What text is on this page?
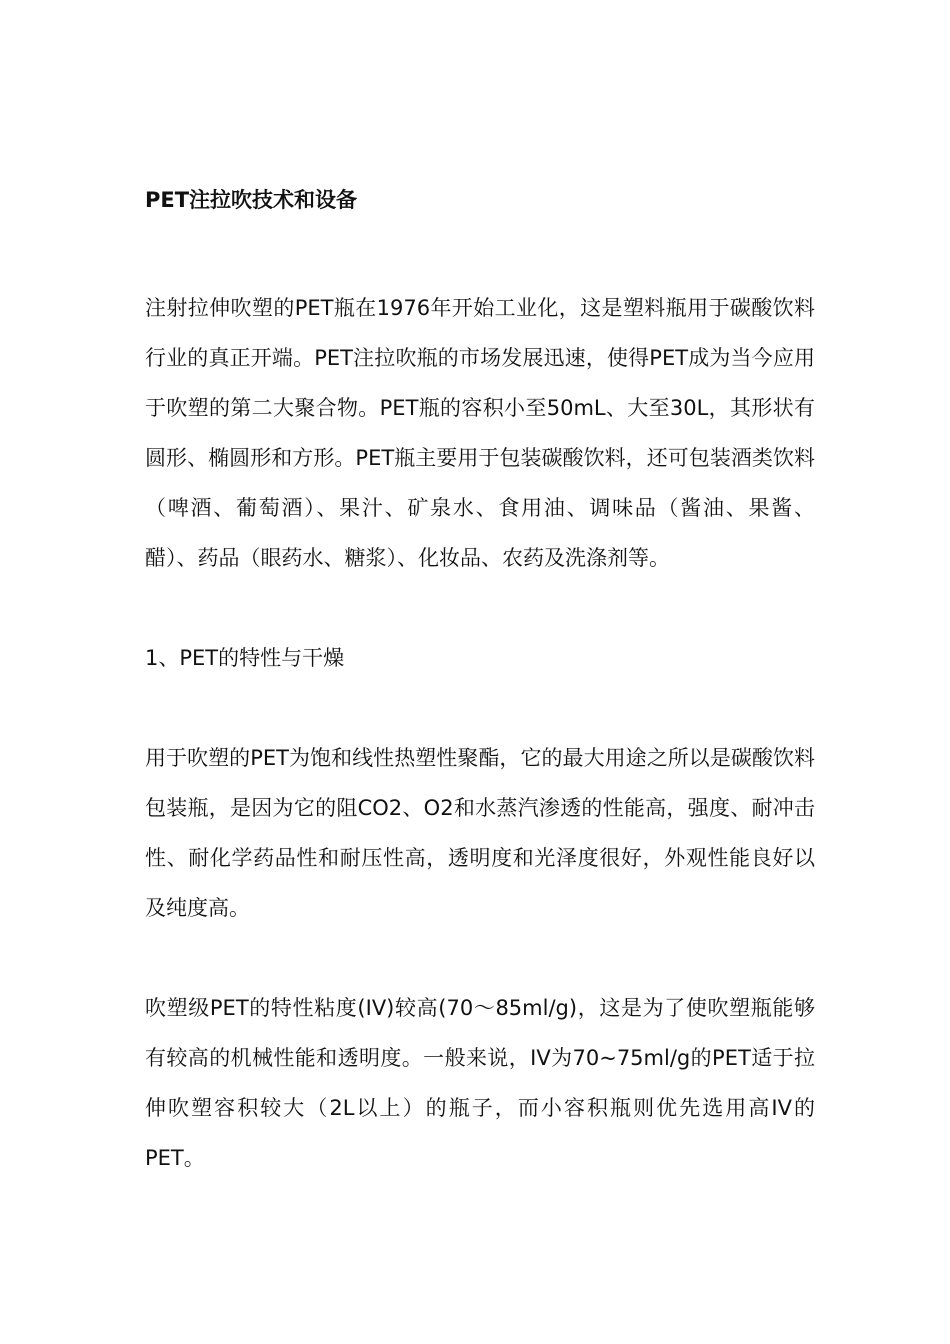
PET注拉吹技术和设备

注射拉伸吹塑的PET瓶在1976年开始工业化，这是塑料瓶用于碳酸饮料行业的真正开端。PET注拉吹瓶的市场发展迅速，使得PET成为当今应用于吹塑的第二大聚合物。PET瓶的容积小至50mL、大至30L，其形状有圆形、椭圆形和方形。PET瓶主要用于包装碳酸饮料，还可包装酒类饮料（啤酒、葡萄酒）、果汁、矿泉水、食用油、调味品（酱油、果酱、醋）、药品（眼药水、糖浆）、化妆品、农药及洗涤剂等。

1、PET的特性与干燥

用于吹塑的PET为饱和线性热塑性聚酯，它的最大用途之所以是碳酸饮料包装瓶，是因为它的阻CO2、O2和水蒸汽渗透的性能高，强度、耐冲击性、耐化学药品性和耐压性高，透明度和光泽度很好，外观性能良好以及纯度高。

吹塑级PET的特性粘度(IV)较高(70～85ml/g)，这是为了使吹塑瓶能够有较高的机械性能和透明度。一般来说，IV为70~75ml/g的PET适于拉伸吹塑容积较大（2L以上）的瓶子，而小容积瓶则优先选用高IV的PET。
